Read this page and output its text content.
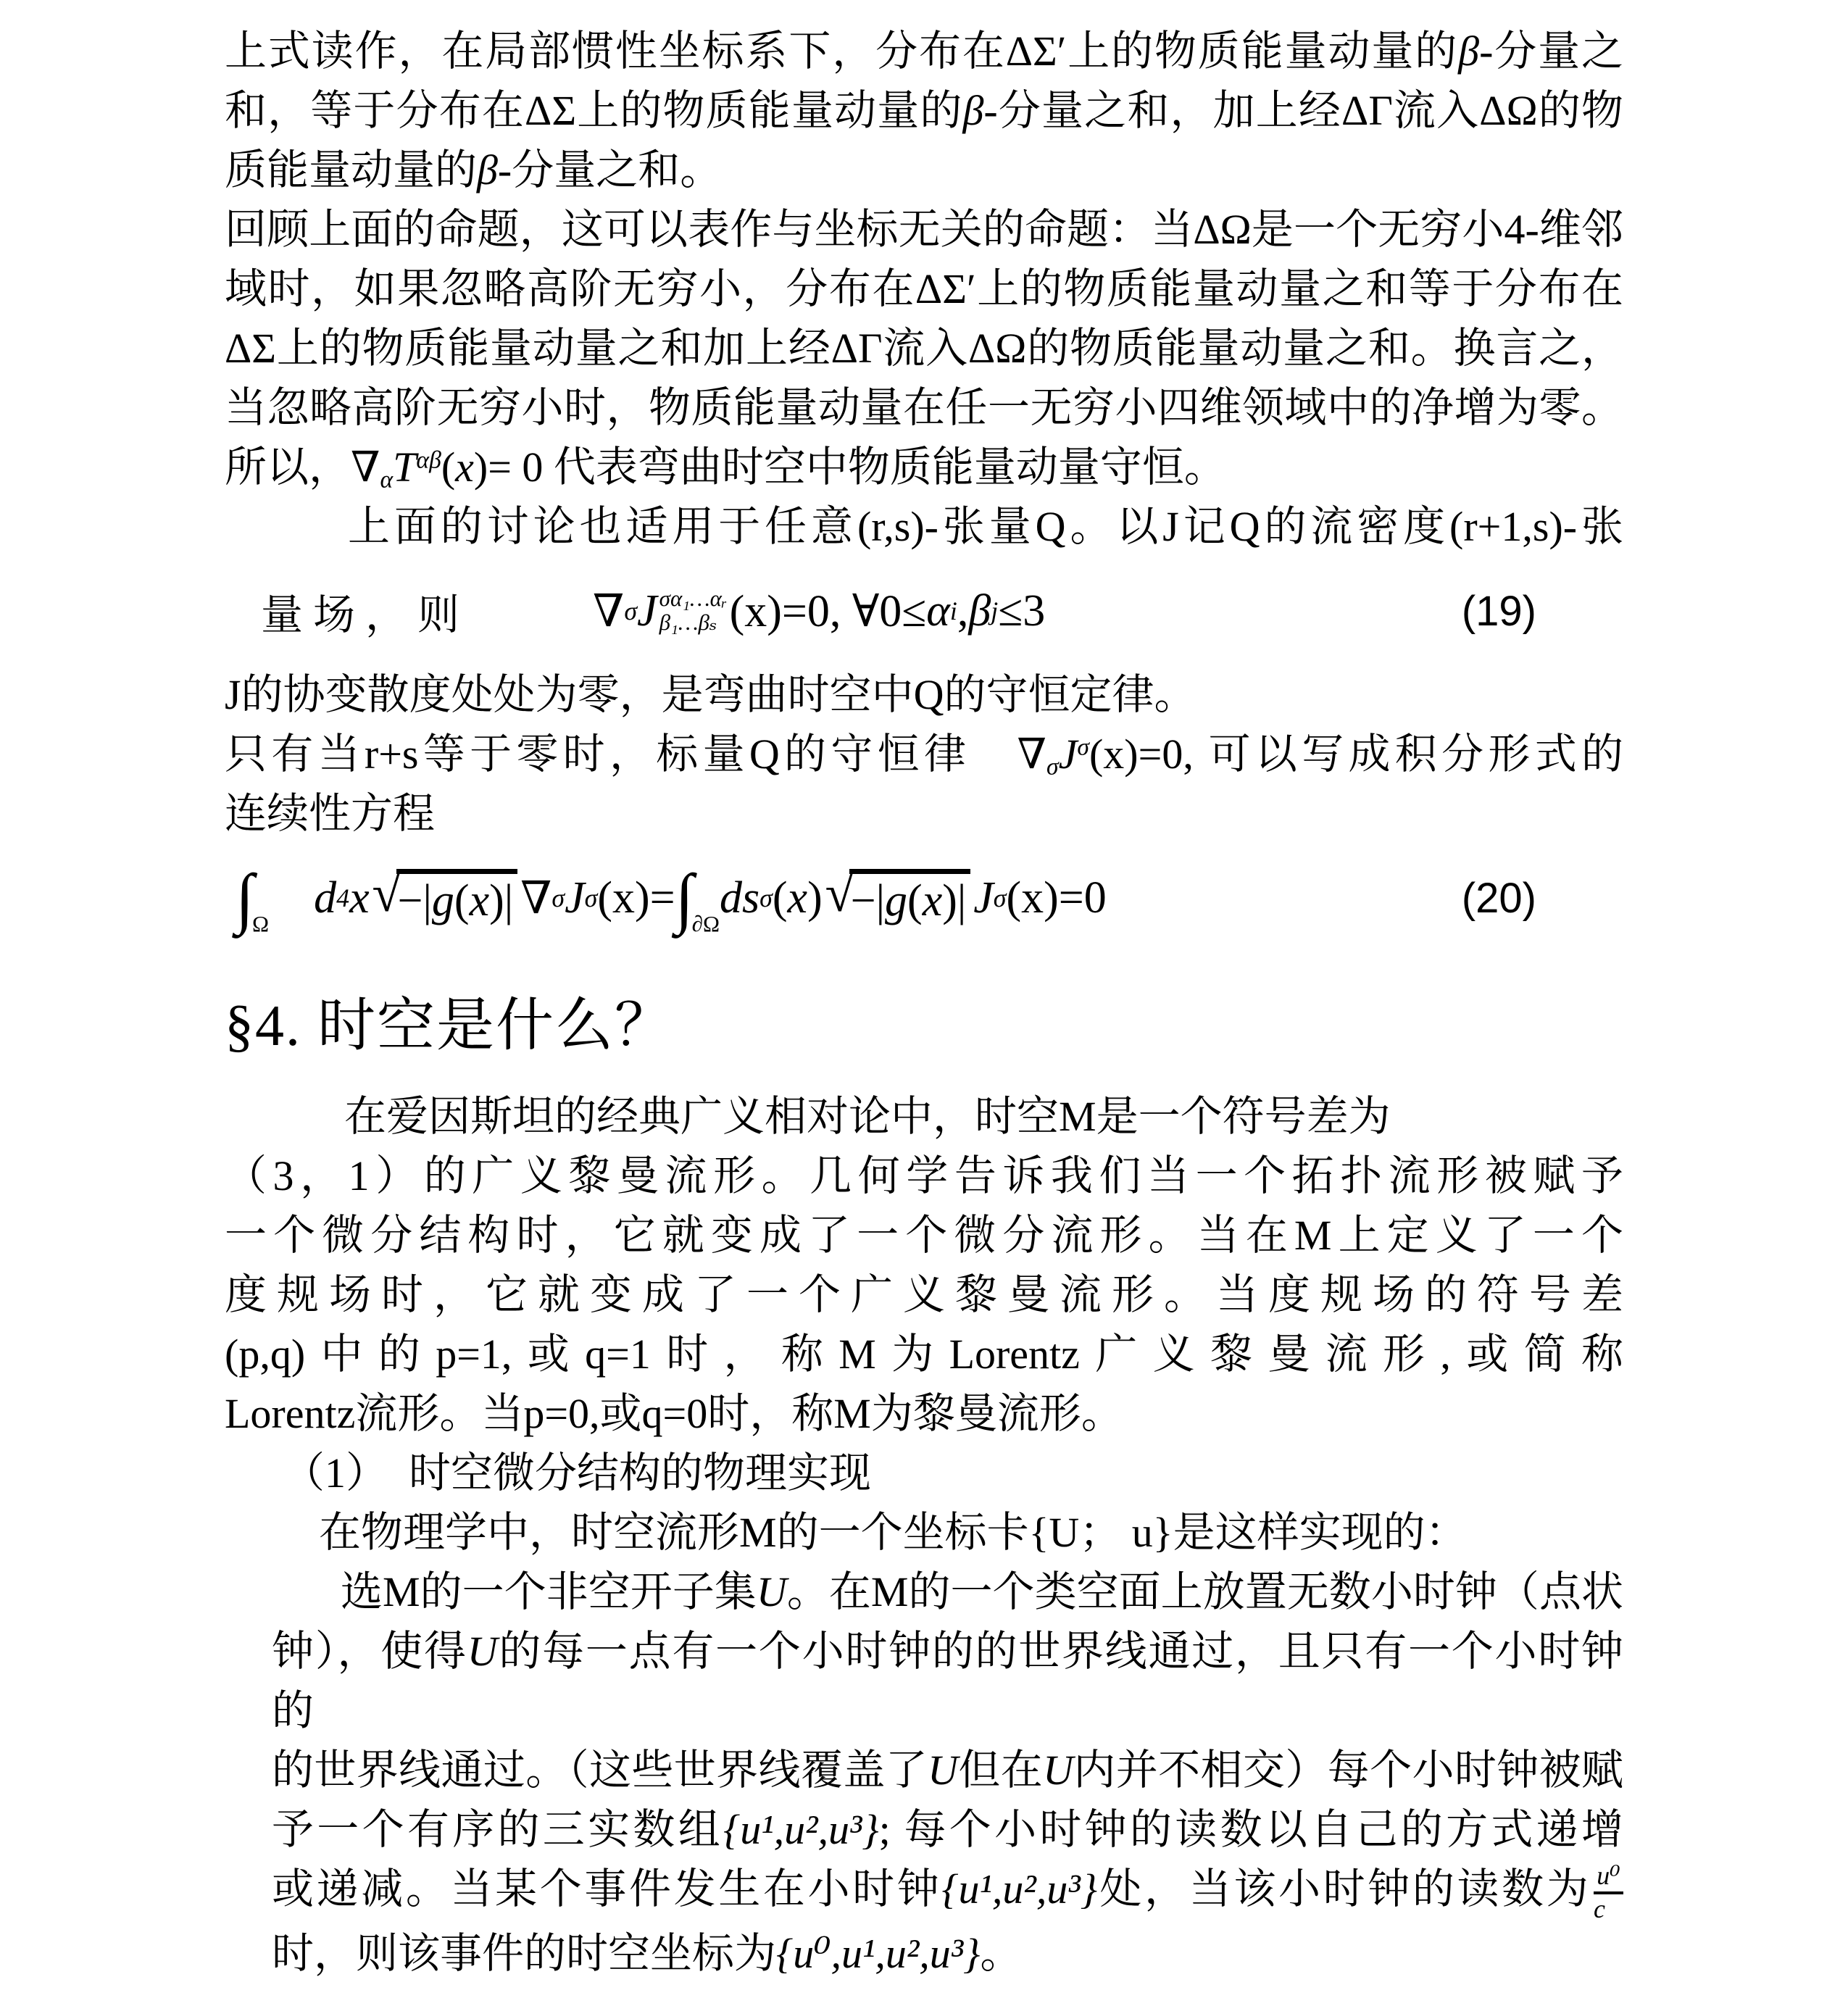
上式读作，在局部惯性坐标系下，分布在ΔΣ′上的物质能量动量的β-分量之
和，等于分布在ΔΣ上的物质能量动量的β-分量之和，加上经ΔΓ流入ΔΩ的物
质能量动量的β-分量之和。
回顾上面的命题，这可以表作与坐标无关的命题：当ΔΩ是一个无穷小4-维邻
域时，如果忽略高阶无穷小，分布在ΔΣ′上的物质能量动量之和等于分布在
ΔΣ上的物质能量动量之和加上经ΔΓ流入ΔΩ的物质能量动量之和。换言之，
当忽略高阶无穷小时，物质能量动量在任一无穷小四维领域中的净增为零。
所以，$\nabla_\alpha T^{\alpha\beta}(x)= 0$ 代表弯曲时空中物质能量动量守恒。
上面的讨论也适用于任意(r,s)-张量Q。以J记Q的流密度(r+1,s)-张
量场，则	∇ σ J σα₁…αᵣ
β₁…βₛ (x)=0, ∀0≤ α i , β j ≤3	(19)
J的协变散度处处为零，是弯曲时空中Q的守恒定律。
只有当r+s等于零时，标量Q的守恒律　$\nabla_\sigma J^\sigma(x)=0$, 可以写成积分形式的
连续性方程
$\int_\Omega$

d 4 x √
−|g(x)| ∇ σ J σ $(x)= \int_{\partial\Omega}$
ds σ ( x ) √
−|g(x)| J σ (x)=0	(20)
§4. 时空是什么？
在爱因斯坦的经典广义相对论中，时空M是一个符号差为
（3，1）的广义黎曼流形。几何学告诉我们当一个拓扑流形被赋予
一个微分结构时，它就变成了一个微分流形。当在M上定义了一个
度规场时，它就变成了一个广义黎曼流形。当度规场的符号差
(p,q)中的p=1,或q=1时，称M为Lorentz广义黎曼流形,或简称
Lorentz流形。当p=0,或q=0时，称M为黎曼流形。
（1）　时空微分结构的物理实现
在物理学中，时空流形M的一个坐标卡{U； u}是这样实现的：
选M的一个非空开子集U。在M的一个类空面上放置无数小时钟（点状
钟），使得U的每一点有一个小时钟的的世界线通过，且只有一个小时钟的
的世界线通过。（这些世界线覆盖了U但在U内并不相交）每个小时钟被赋
予一个有序的三实数组{u¹,u²,u³}; 每个小时钟的读数以自己的方式递增
或递减。当某个事件发生在小时钟{u¹,u²,u³}处，当该小时钟的读数为 $\frac{\text{u⁰}}{c}$
时，则该事件的时空坐标为{u⁰,u¹,u²,u³}。
